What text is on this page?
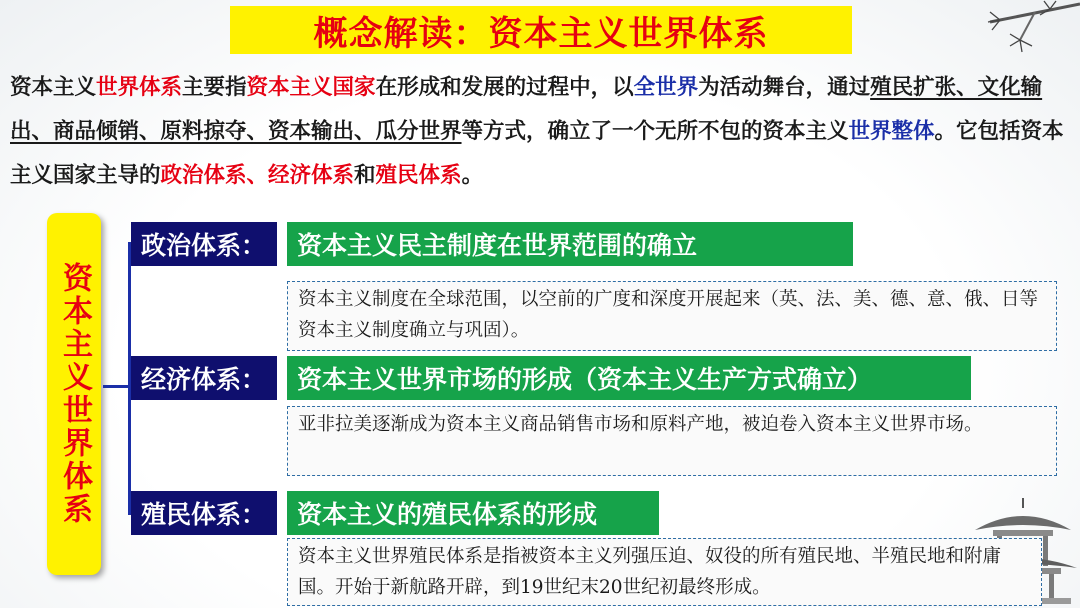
概念解读：资本主义世界体系
资本主义世界体系主要指资本主义国家在形成和发展的过程中，以全世界为活动舞台，通过殖民扩张、文化输出、商品倾销、原料掠夺、资本输出、瓜分世界等方式，确立了一个无所不包的资本主义世界整体。它包括资本主义国家主导的政治体系、经济体系和殖民体系。
资本主义世界体系
政治体系：	资本主义民主制度在世界范围的确立
资本主义制度在全球范围，以空前的广度和深度开展起来（英、法、美、德、意、俄、日等资本主义制度确立与巩固）。
经济体系：	资本主义世界市场的形成（资本主义生产方式确立）
亚非拉美逐渐成为资本主义商品销售市场和原料产地，被迫卷入资本主义世界市场。
殖民体系：	资本主义的殖民体系的形成
资本主义世界殖民体系是指被资本主义列强压迫、奴役的所有殖民地、半殖民地和附庸国。开始于新航路开辟，到19世纪末20世纪初最终形成。
